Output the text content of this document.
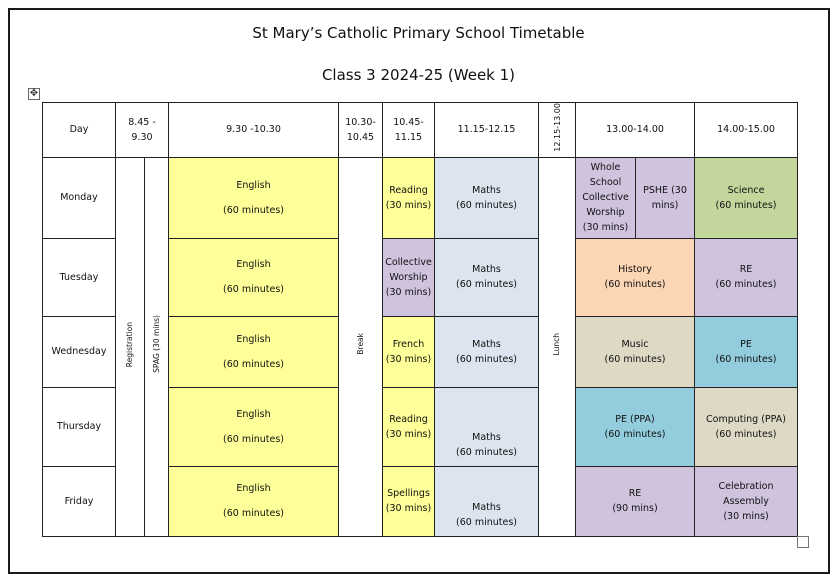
St Mary’s Catholic Primary School Timetable
Class 3 2024-25 (Week 1)
✥
Day	8.45 - 9.30		9.30 -10.30	10.30-10.45	10.45-11.15	11.15-12.15	12.15-13.00	13.00-14.00		14.00-15.00
Monday	Registration	SPAG (30 mins)	English
(60 minutes)	Break	Reading
(30 mins)	Maths
(60 minutes)	Lunch	Whole School Collective Worship
(30 mins)	PSHE (30 mins)	Science
(60 minutes)
Tuesday			English
(60 minutes)		Collective Worship
(30 mins)	Maths
(60 minutes)		History
(60 minutes)		RE
(60 minutes)
Wednesday			English
(60 minutes)		French
(30 mins)	Maths
(60 minutes)		Music
(60 minutes)		PE
(60 minutes)
Thursday			English
(60 minutes)		Reading
(30 mins)	Maths
(60 minutes)		PE (PPA)
(60 minutes)		Computing (PPA)
(60 minutes)
Friday			English
(60 minutes)		Spellings
(30 mins)	Maths
(60 minutes)		RE
(90 mins)		Celebration Assembly
(30 mins)
